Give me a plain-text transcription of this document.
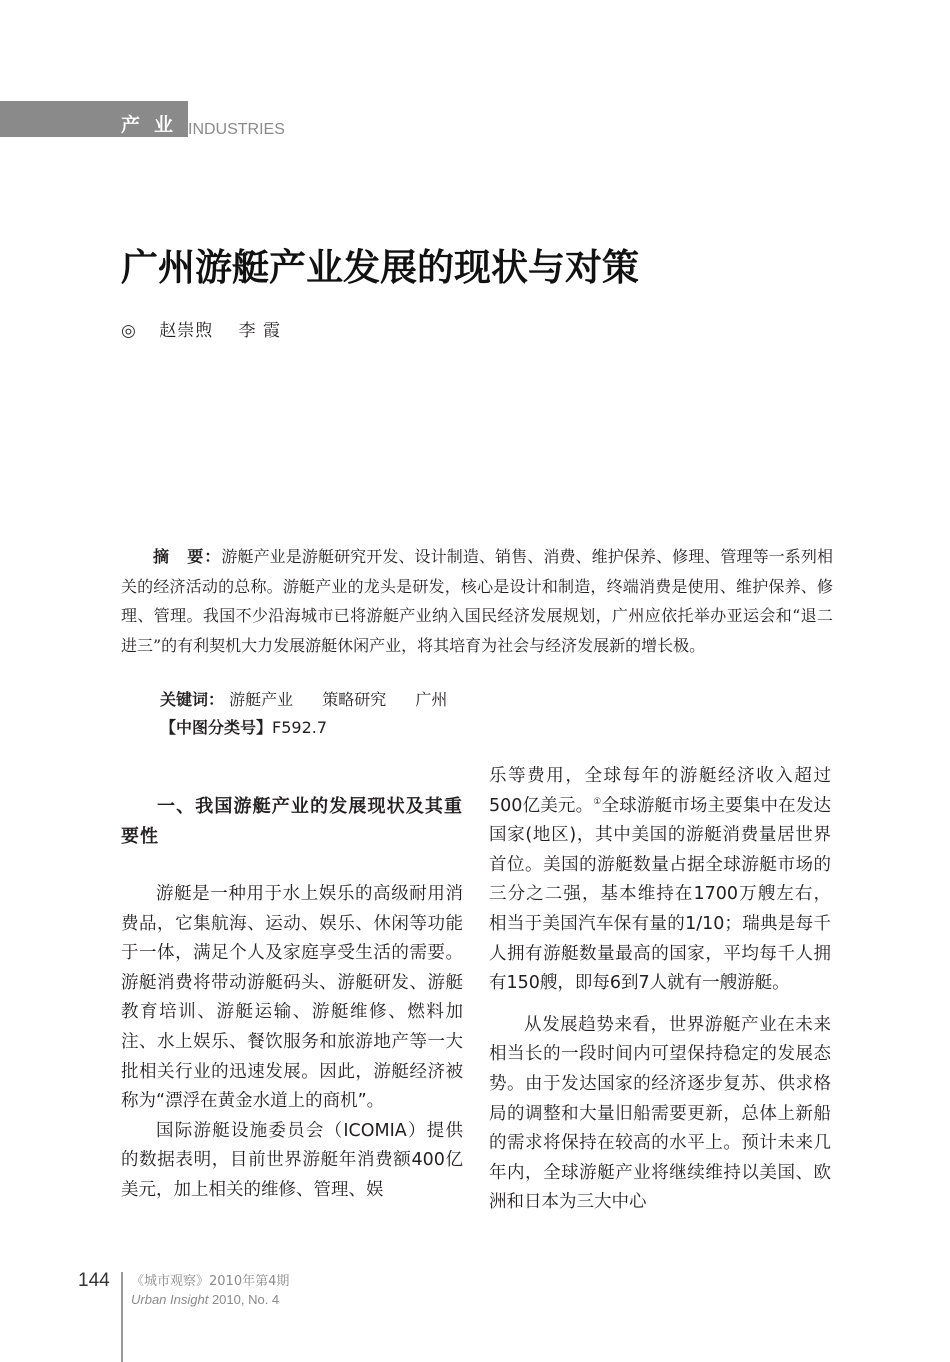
产业 INDUSTRIES
广州游艇产业发展的现状与对策
◎ 赵崇煦 李 霞

摘　要：游艇产业是游艇研究开发、设计制造、销售、消费、维护保养、修理、管理等一系列相关的经济活动的总称。游艇产业的龙头是研发，核心是设计和制造，终端消费是使用、维护保养、修理、管理。我国不少沿海城市已将游艇产业纳入国民经济发展规划，广州应依托举办亚运会和“退二进三”的有利契机大力发展游艇休闲产业，将其培育为社会与经济发展新的增长极。

关键词： 游艇产业 策略研究 广州
【中图分类号】F592.7
一、我国游艇产业的发展现状及其重要性

游艇是一种用于水上娱乐的高级耐用消费品，它集航海、运动、娱乐、休闲等功能于一体，满足个人及家庭享受生活的需要。游艇消费将带动游艇码头、游艇研发、游艇教育培训、游艇运输、游艇维修、燃料加注、水上娱乐、餐饮服务和旅游地产等一大批相关行业的迅速发展。因此，游艇经济被称为“漂浮在黄金水道上的商机”。

国际游艇设施委员会（ICOMIA）提供的数据表明，目前世界游艇年消费额400亿美元，加上相关的维修、管理、娱

乐等费用，全球每年的游艇经济收入超过500亿美元。①全球游艇市场主要集中在发达国家(地区)，其中美国的游艇消费量居世界首位。美国的游艇数量占据全球游艇市场的三分之二强，基本维持在1700万艘左右，相当于美国汽车保有量的1/10；瑞典是每千人拥有游艇数量最高的国家，平均每千人拥有150艘，即每6到7人就有一艘游艇。

从发展趋势来看，世界游艇产业在未来相当长的一段时间内可望保持稳定的发展态势。由于发达国家的经济逐步复苏、供求格局的调整和大量旧船需要更新，总体上新船的需求将保持在较高的水平上。预计未来几年内，全球游艇产业将继续维持以美国、欧洲和日本为三大中心

144 《城市观察》2010年第4期
Urban Insight 2010, No. 4
